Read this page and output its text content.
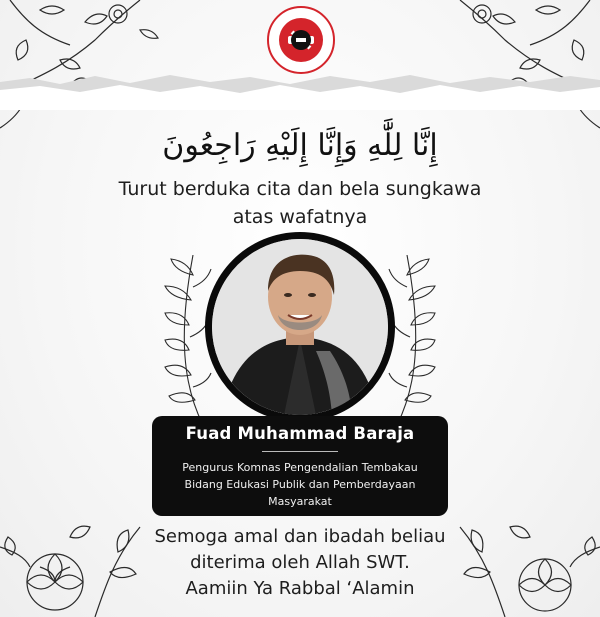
إِنَّا لِلَّٰهِ وَإِنَّا إِلَيْهِ رَاجِعُونَ
Turut berduka cita dan bela sungkawa
atas wafatnya
Fuad Muhammad Baraja
Pengurus Komnas Pengendalian Tembakau
Bidang Edukasi Publik dan Pemberdayaan
Masyarakat
Semoga amal dan ibadah beliau
diterima oleh Allah SWT.
Aamiin Ya Rabbal ‘Alamin
